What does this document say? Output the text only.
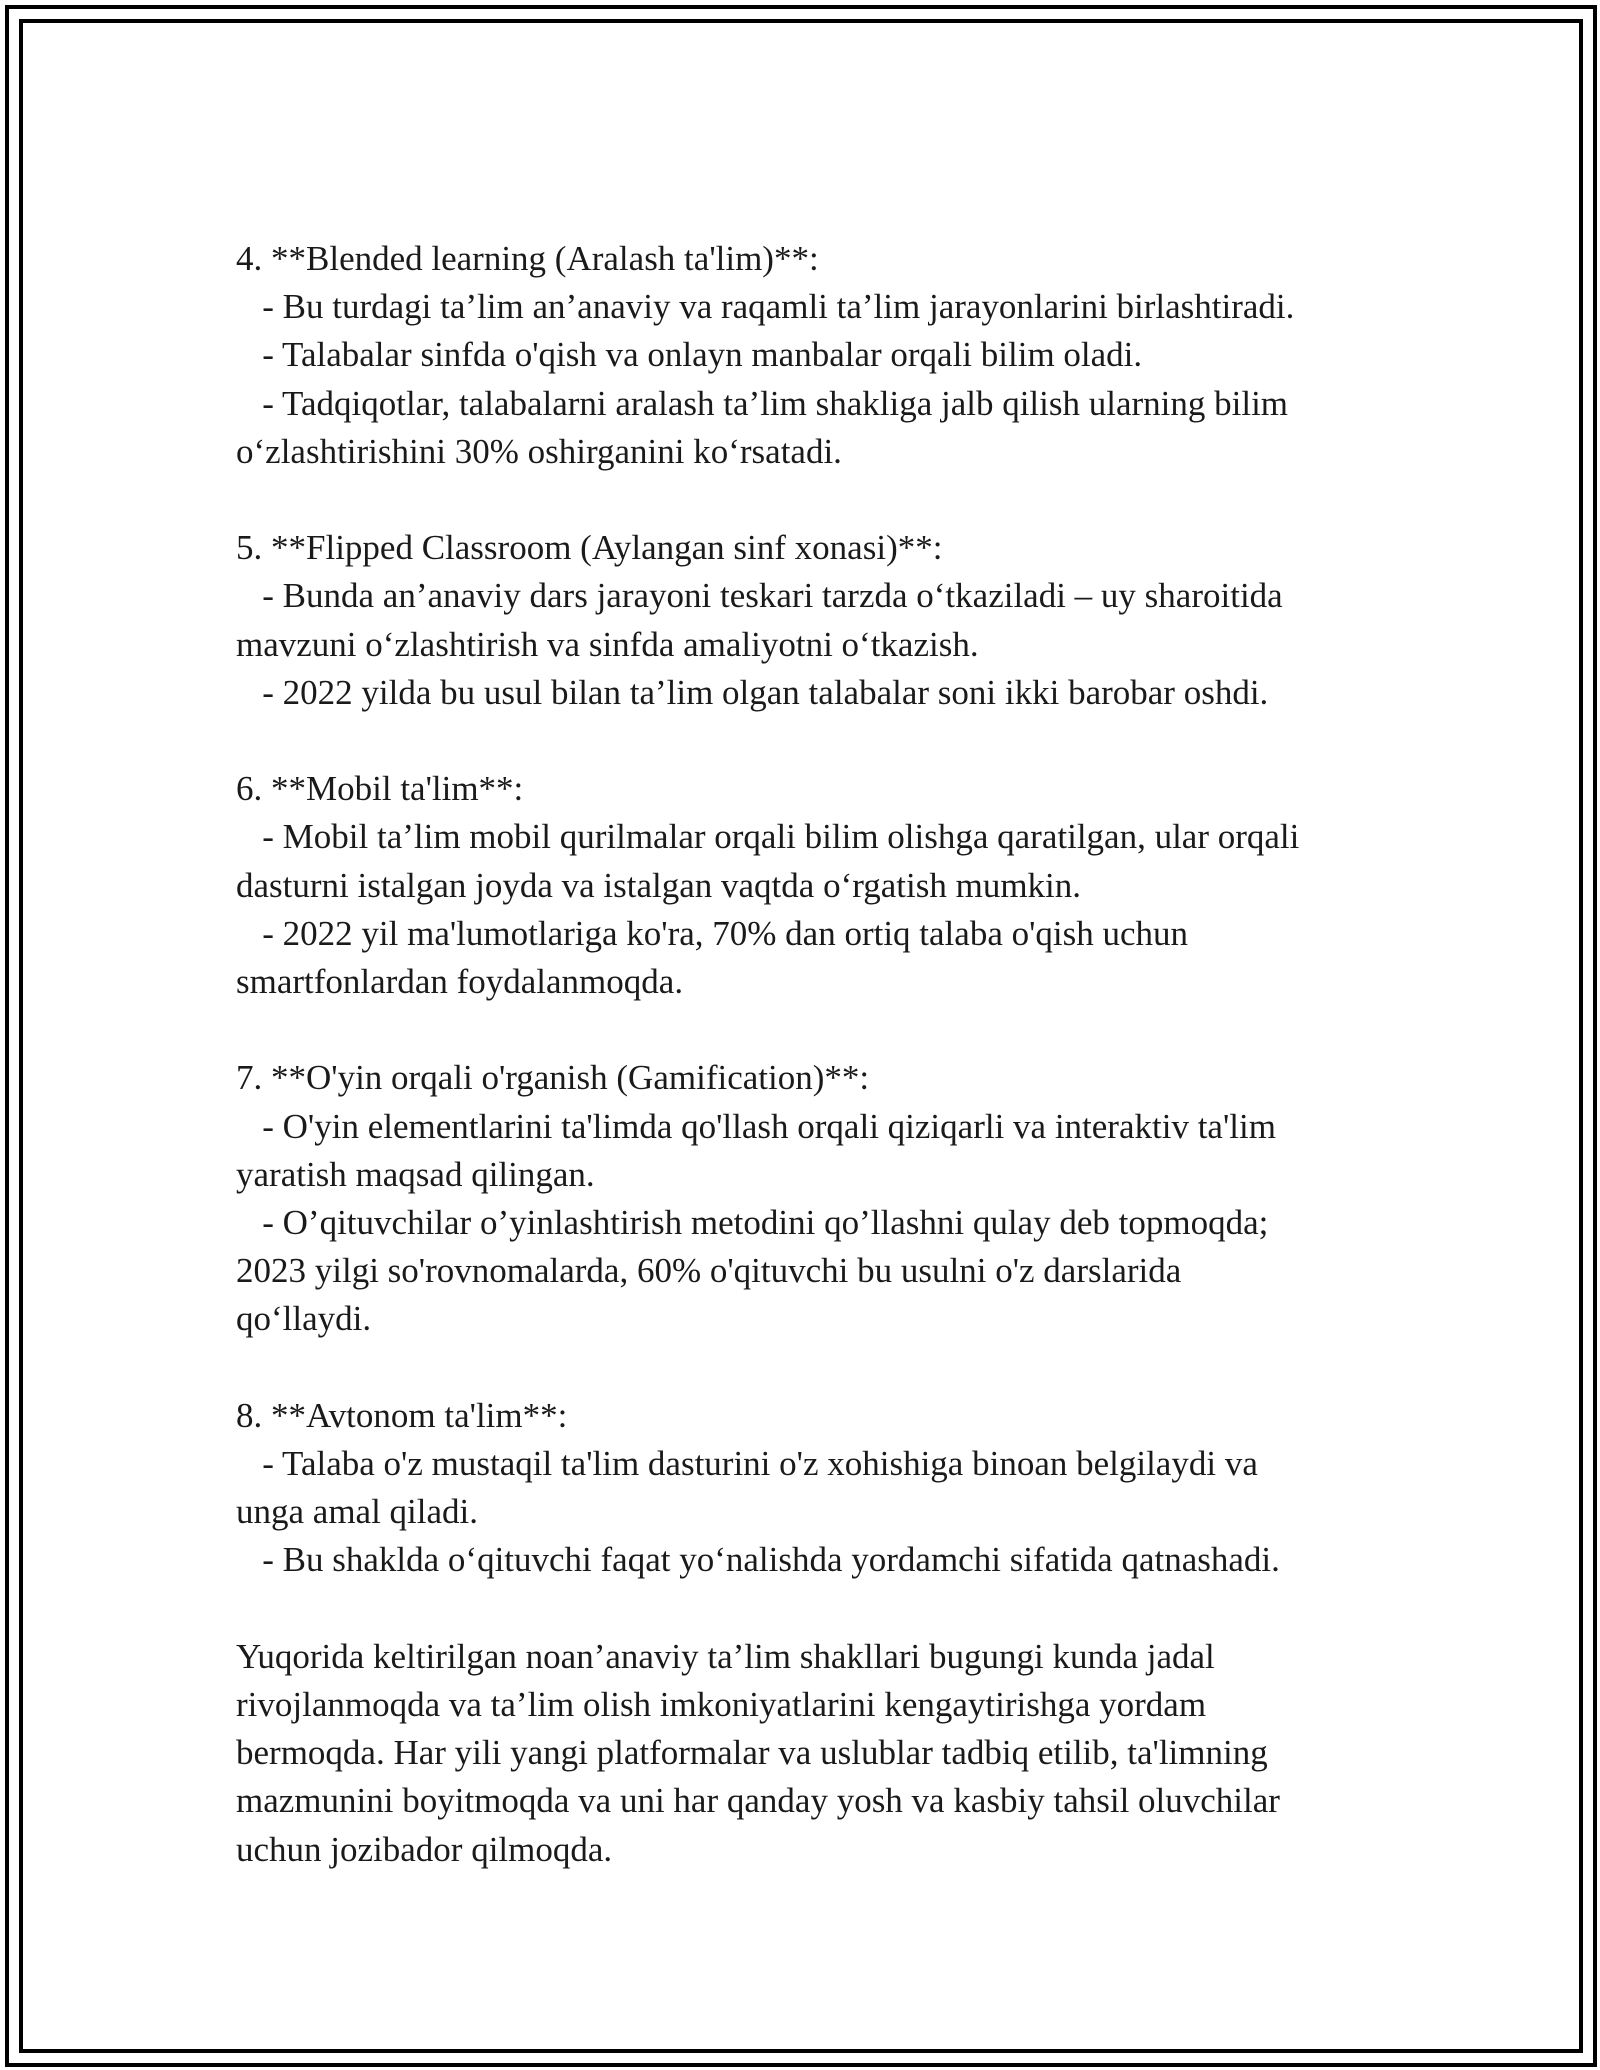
4. **Blended learning (Aralash ta'lim)**:
- Bu turdagi ta’lim an’anaviy va raqamli ta’lim jarayonlarini birlashtiradi.
- Talabalar sinfda o'qish va onlayn manbalar orqali bilim oladi.
- Tadqiqotlar, talabalarni aralash ta’lim shakliga jalb qilish ularning bilim
o‘zlashtirishini 30% oshirganini ko‘rsatadi.
5. **Flipped Classroom (Aylangan sinf xonasi)**:
- Bunda an’anaviy dars jarayoni teskari tarzda o‘tkaziladi – uy sharoitida
mavzuni o‘zlashtirish va sinfda amaliyotni o‘tkazish.
- 2022 yilda bu usul bilan ta’lim olgan talabalar soni ikki barobar oshdi.
6. **Mobil ta'lim**:
- Mobil ta’lim mobil qurilmalar orqali bilim olishga qaratilgan, ular orqali
dasturni istalgan joyda va istalgan vaqtda o‘rgatish mumkin.
- 2022 yil ma'lumotlariga ko'ra, 70% dan ortiq talaba o'qish uchun
smartfonlardan foydalanmoqda.
7. **O'yin orqali o'rganish (Gamification)**:
- O'yin elementlarini ta'limda qo'llash orqali qiziqarli va interaktiv ta'lim
yaratish maqsad qilingan.
- O’qituvchilar o’yinlashtirish metodini qo’llashni qulay deb topmoqda;
2023 yilgi so'rovnomalarda, 60% o'qituvchi bu usulni o'z darslarida
qo‘llaydi.
8. **Avtonom ta'lim**:
- Talaba o'z mustaqil ta'lim dasturini o'z xohishiga binoan belgilaydi va
unga amal qiladi.
- Bu shakldа o‘qituvchi faqat yo‘nalishda yordamchi sifatida qatnashadi.
Yuqorida keltirilgan noan’anaviy ta’lim shakllari bugungi kunda jadal
rivojlanmoqda va ta’lim olish imkoniyatlarini kengaytirishga yordam
bermoqda. Har yili yangi platformalar va uslublar tadbiq etilib, ta'limning
mazmunini boyitmoqda va uni har qanday yosh va kasbiy tahsil oluvchilar
uchun jozibador qilmoqda.
